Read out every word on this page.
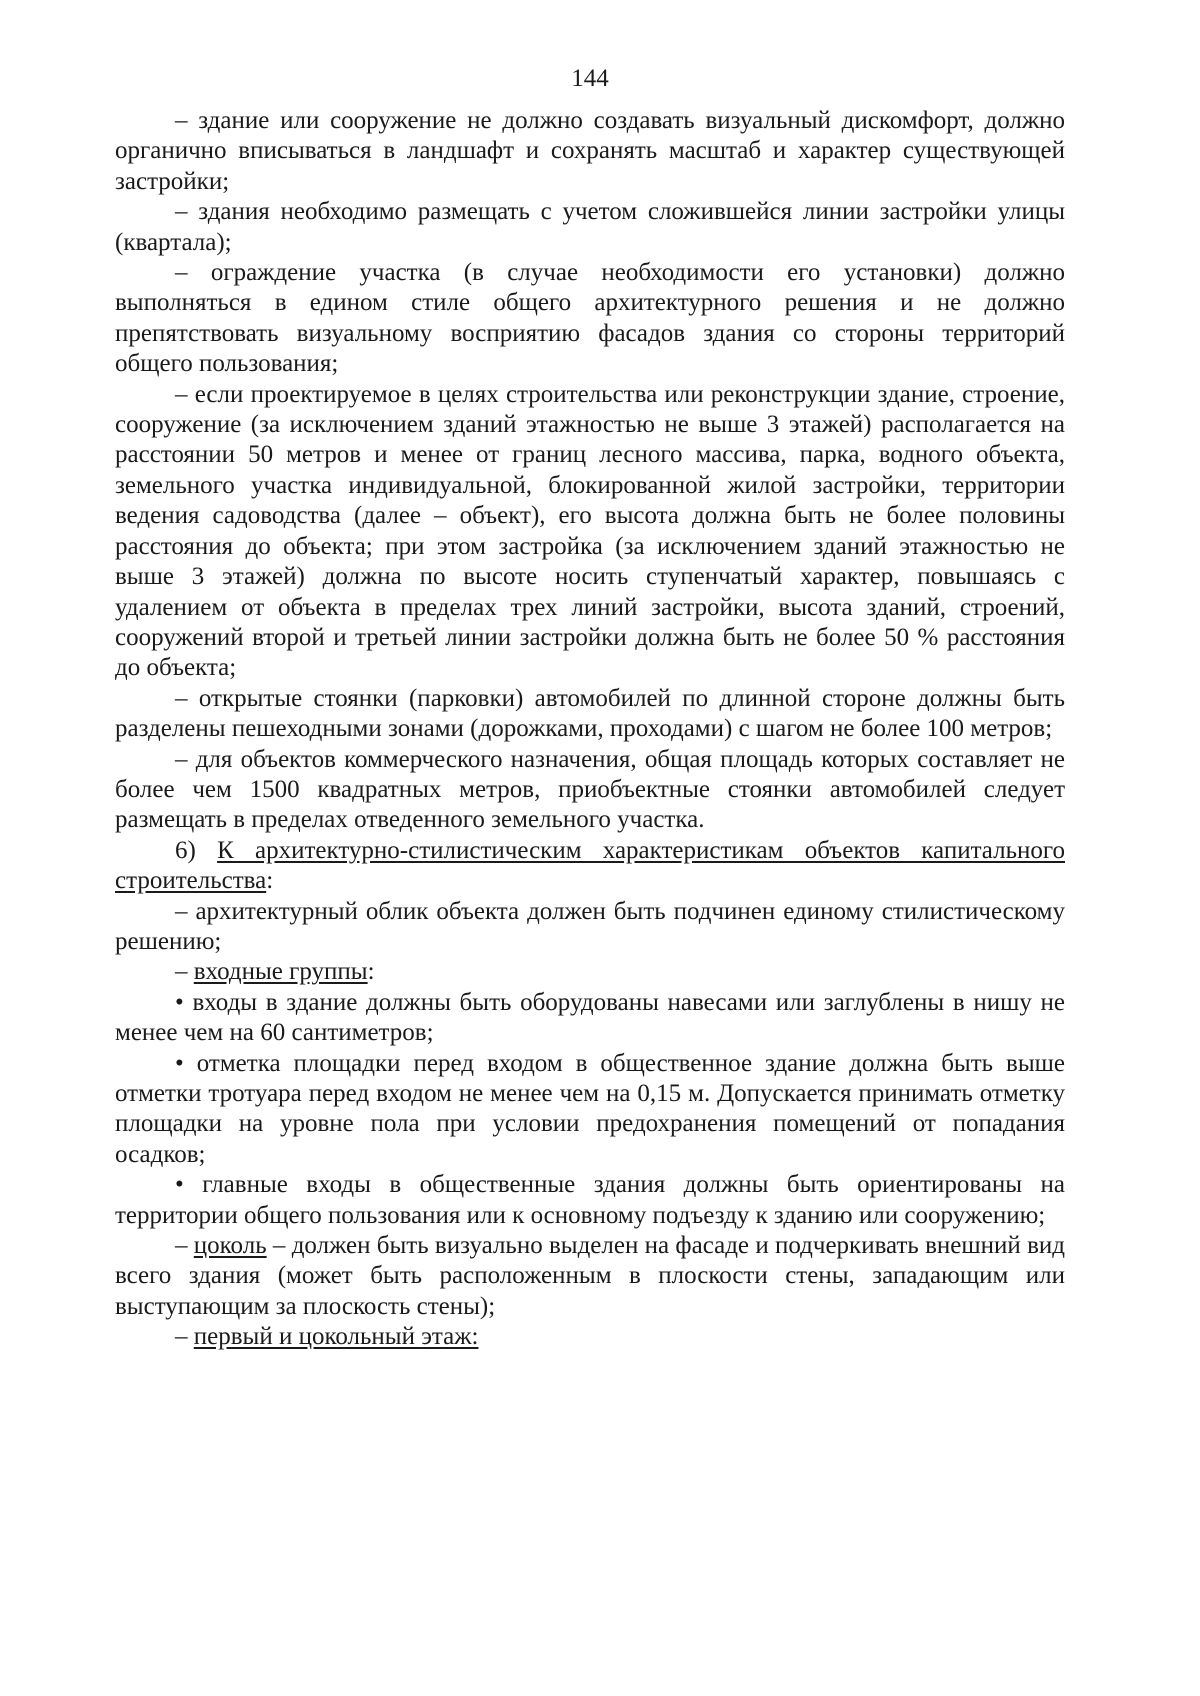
144

– здание или сооружение не должно создавать визуальный дискомфорт, должно органично вписываться в ландшафт и сохранять масштаб и характер существующей застройки;

– здания необходимо размещать с учетом сложившейся линии застройки улицы (квартала);

– ограждение участка (в случае необходимости его установки) должно выполняться в едином стиле общего архитектурного решения и не должно препятствовать визуальному восприятию фасадов здания со стороны территорий общего пользования;

– если проектируемое в целях строительства или реконструкции здание, строение, сооружение (за исключением зданий этажностью не выше 3 этажей) располагается на расстоянии 50 метров и менее от границ лесного массива, парка, водного объекта, земельного участка индивидуальной, блокированной жилой застройки, территории ведения садоводства (далее – объект), его высота должна быть не более половины расстояния до объекта; при этом застройка (за исключением зданий этажностью не выше 3 этажей) должна по высоте носить ступенчатый характер, повышаясь с удалением от объекта в пределах трех линий застройки, высота зданий, строений, сооружений второй и третьей линии застройки должна быть не более 50 % расстояния до объекта;

– открытые стоянки (парковки) автомобилей по длинной стороне должны быть разделены пешеходными зонами (дорожками, проходами) с шагом не более 100 метров;

– для объектов коммерческого назначения, общая площадь которых составляет не более чем 1500 квадратных метров, приобъектные стоянки автомобилей следует размещать в пределах отведенного земельного участка.

6) К архитектурно-стилистическим характеристикам объектов капитального строительства:

– архитектурный облик объекта должен быть подчинен единому стилистическому решению;

– входные группы:

• входы в здание должны быть оборудованы навесами или заглублены в нишу не менее чем на 60 сантиметров;

• отметка площадки перед входом в общественное здание должна быть выше отметки тротуара перед входом не менее чем на 0,15 м. Допускается принимать отметку площадки на уровне пола при условии предохранения помещений от попадания осадков;

• главные входы в общественные здания должны быть ориентированы на территории общего пользования или к основному подъезду к зданию или сооружению;

– цоколь – должен быть визуально выделен на фасаде и подчеркивать внешний вид всего здания (может быть расположенным в плоскости стены, западающим или выступающим за плоскость стены);

– первый и цокольный этаж:
